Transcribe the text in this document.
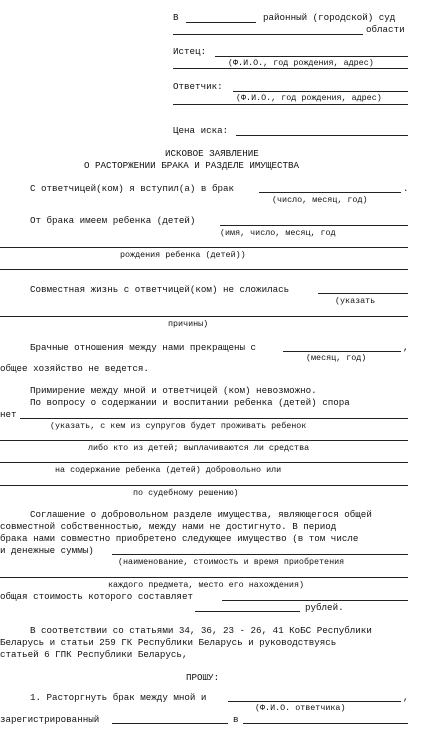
В	районный (городской) суд
области
Истец:
(Ф.И.О., год рождения, адрес)
Ответчик:
(Ф.И.О., год рождения, адрес)
Цена иска:
ИСКОВОЕ ЗАЯВЛЕНИЕ
О РАСТОРЖЕНИИ БРАКА И РАЗДЕЛЕ ИМУЩЕСТВА
С ответчицей(ком) я вступил(а) в брак	.
(число, месяц, год)
От брака имеем ребенка (детей)
(имя, число, месяц, год
рождения ребенка (детей))
Совместная жизнь с ответчицей(ком) не сложилась
(указать
причины)
Брачные отношения между нами прекращены с	,
(месяц, год)
общее хозяйство не ведется.
Примирение между мной и ответчицей (ком) невозможно.
По вопросу о содержании и воспитании ребенка (детей) спора
нет
(указать, с кем из супругов будет проживать ребенок
либо кто из детей; выплачиваются ли средства
на содержание ребенка (детей) добровольно или
по судебному решению)
Соглашение о добровольном разделе имущества, являющегося общей
совместной собственностью, между нами не достигнуто. В период
брака нами совместно приобретено следующее имущество (в том числе
и денежные суммы)
(наименование, стоимость и время приобретения
каждого предмета, место его нахождения)
общая стоимость которого составляет
рублей.
В соответствии со статьями 34, 36, 23 - 26, 41 КоБС Республики
Беларусь и статьи 259 ГК Республики Беларусь и руководствуясь
статьей 6 ГПК Республики Беларусь,
ПРОШУ:
1. Расторгнуть брак между мной и	,
(Ф.И.О. ответчика)
зарегистрированный	в
